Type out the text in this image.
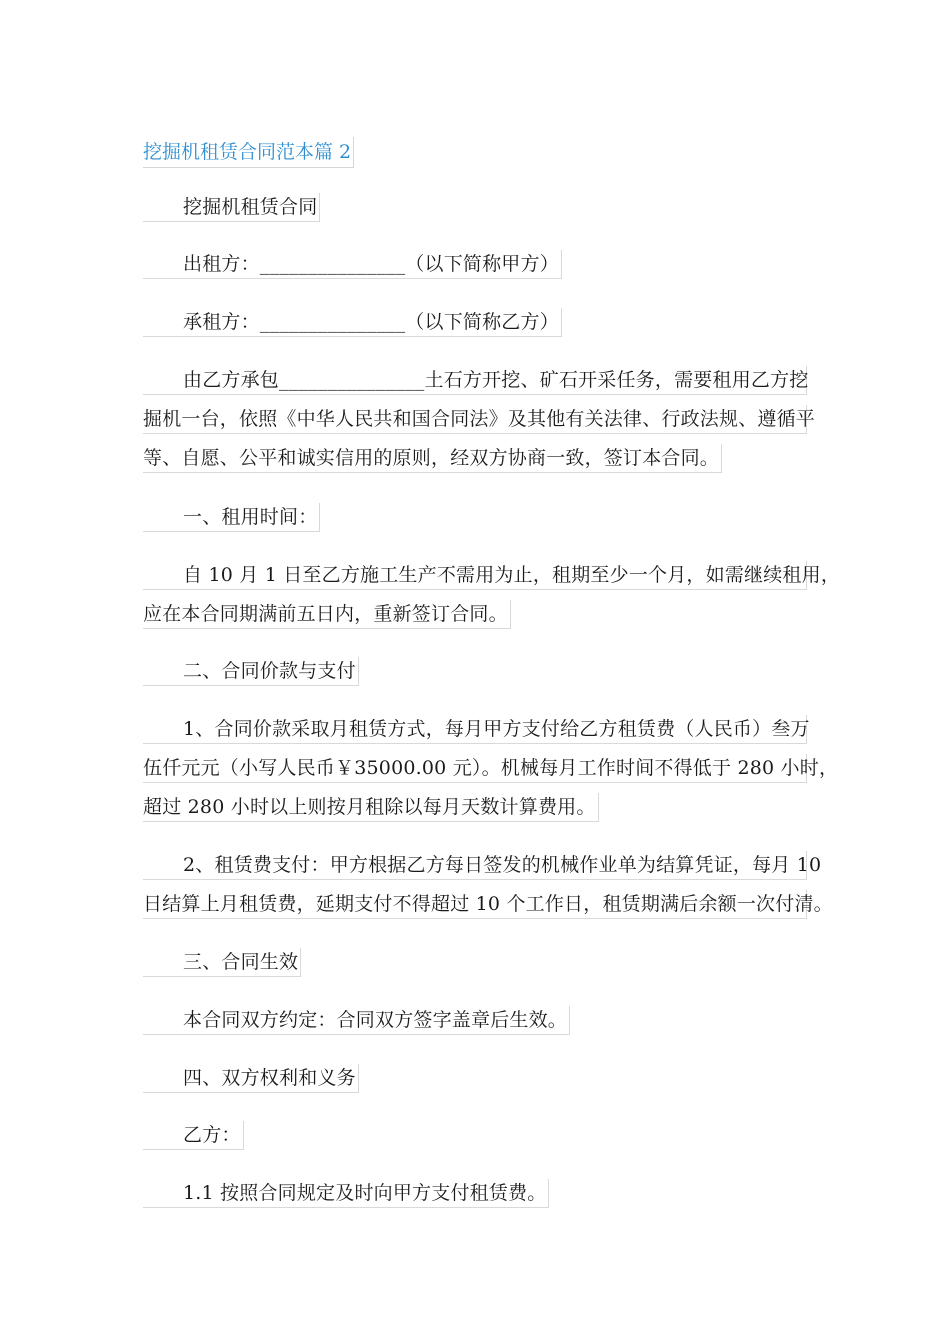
挖掘机租赁合同范本篇 2
挖掘机租赁合同
出租方：_______________（以下简称甲方）
承租方：_______________（以下简称乙方）
由乙方承包_______________土石方开挖、矿石开采任务，需要租用乙方挖
掘机一台，依照《中华人民共和国合同法》及其他有关法律、行政法规、遵循平
等、自愿、公平和诚实信用的原则，经双方协商一致，签订本合同。
一、租用时间：
自 10 月 1 日至乙方施工生产不需用为止，租期至少一个月，如需继续租用，
应在本合同期满前五日内，重新签订合同。
二、合同价款与支付
1、合同价款采取月租赁方式，每月甲方支付给乙方租赁费（人民币）叁万
伍仟元元（小写人民币￥35000.00 元）。机械每月工作时间不得低于 280 小时，
超过 280 小时以上则按月租除以每月天数计算费用。
2、租赁费支付：甲方根据乙方每日签发的机械作业单为结算凭证，每月 10
日结算上月租赁费，延期支付不得超过 10 个工作日，租赁期满后余额一次付清。
三、合同生效
本合同双方约定：合同双方签字盖章后生效。
四、双方权利和义务
乙方：
1.1 按照合同规定及时向甲方支付租赁费。
